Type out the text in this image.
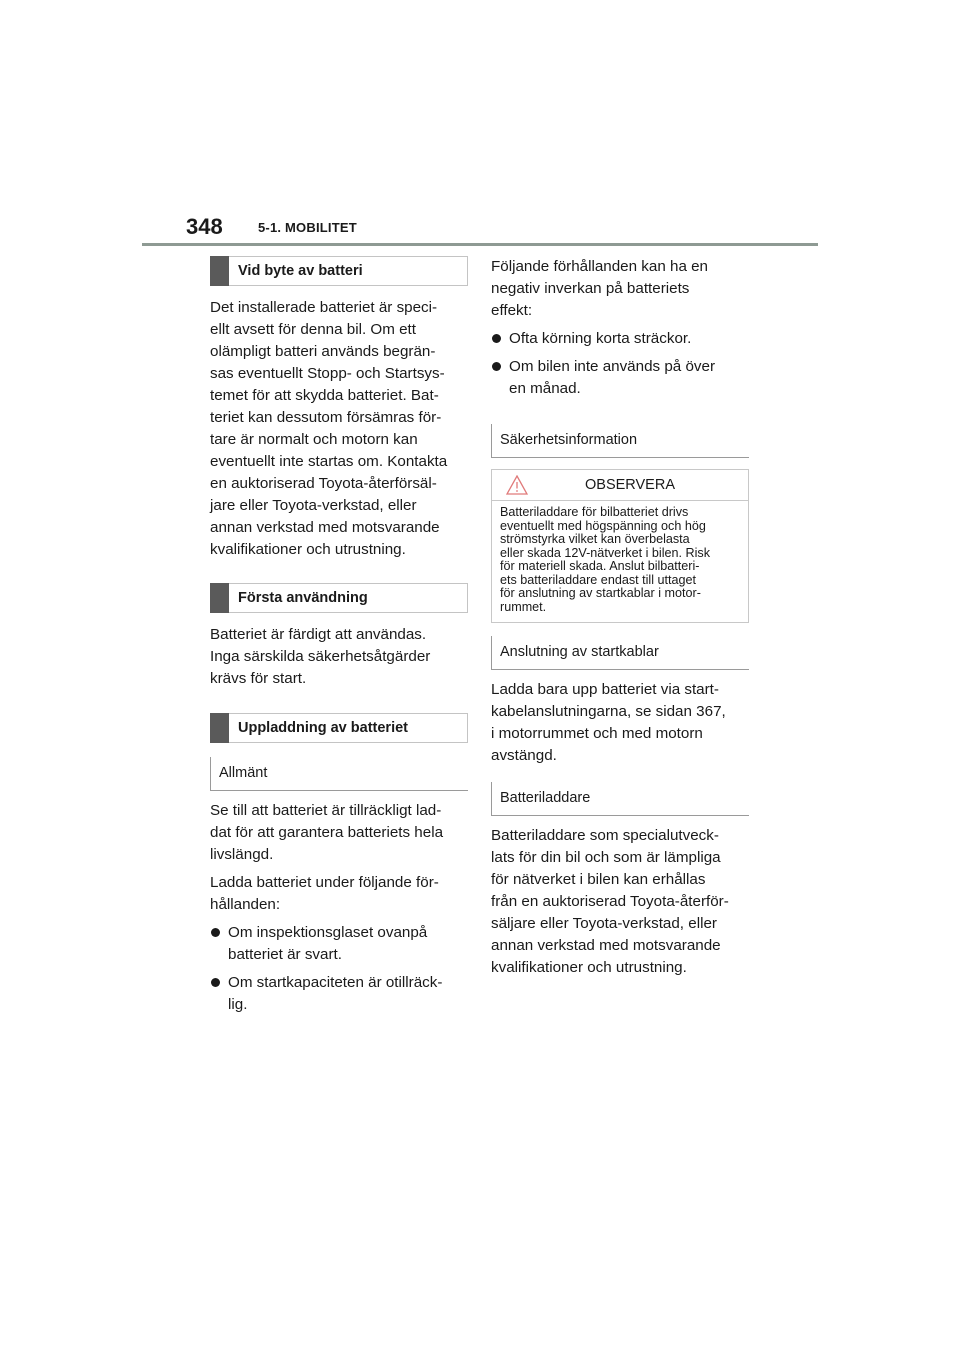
348	5-1. MOBILITET
Vid byte av batteri

Det installerade batteriet är speci-
ellt avsett för denna bil. Om ett
olämpligt batteri används begrän-
sas eventuellt Stopp- och Startsys-
temet för att skydda batteriet. Bat-
teriet kan dessutom försämras för-
tare är normalt och motorn kan
eventuellt inte startas om. Kontakta
en auktoriserad Toyota-återförsäl-
jare eller Toyota-verkstad, eller
annan verkstad med motsvarande
kvalifikationer och utrustning.

Första användning

Batteriet är färdigt att användas.
Inga särskilda säkerhetsåtgärder
krävs för start.

Uppladdning av batteriet
Allmänt

Se till att batteriet är tillräckligt lad-
dat för att garantera batteriets hela
livslängd.

Ladda batteriet under följande för-
hållanden:

Om inspektionsglaset ovanpå
batteriet är svart.
Om startkapaciteten är otillräck-
lig.

Följande förhållanden kan ha en
negativ inverkan på batteriets
effekt:

Ofta körning korta sträckor.
Om bilen inte används på över
en månad.
Säkerhetsinformation
OBSERVERA
Batteriladdare för bilbatteriet drivs
eventuellt med högspänning och hög
strömstyrka vilket kan överbelasta
eller skada 12V-nätverket i bilen. Risk
för materiell skada. Anslut bilbatteri-
ets batteriladdare endast till uttaget
för anslutning av startkablar i motor-
rummet.
Anslutning av startkablar

Ladda bara upp batteriet via start-
kabelanslutningarna, se sidan 367,
i motorrummet och med motorn
avstängd.

Batteriladdare

Batteriladdare som specialutveck-
lats för din bil och som är lämpliga
för nätverket i bilen kan erhållas
från en auktoriserad Toyota-återför-
säljare eller Toyota-verkstad, eller
annan verkstad med motsvarande
kvalifikationer och utrustning.
